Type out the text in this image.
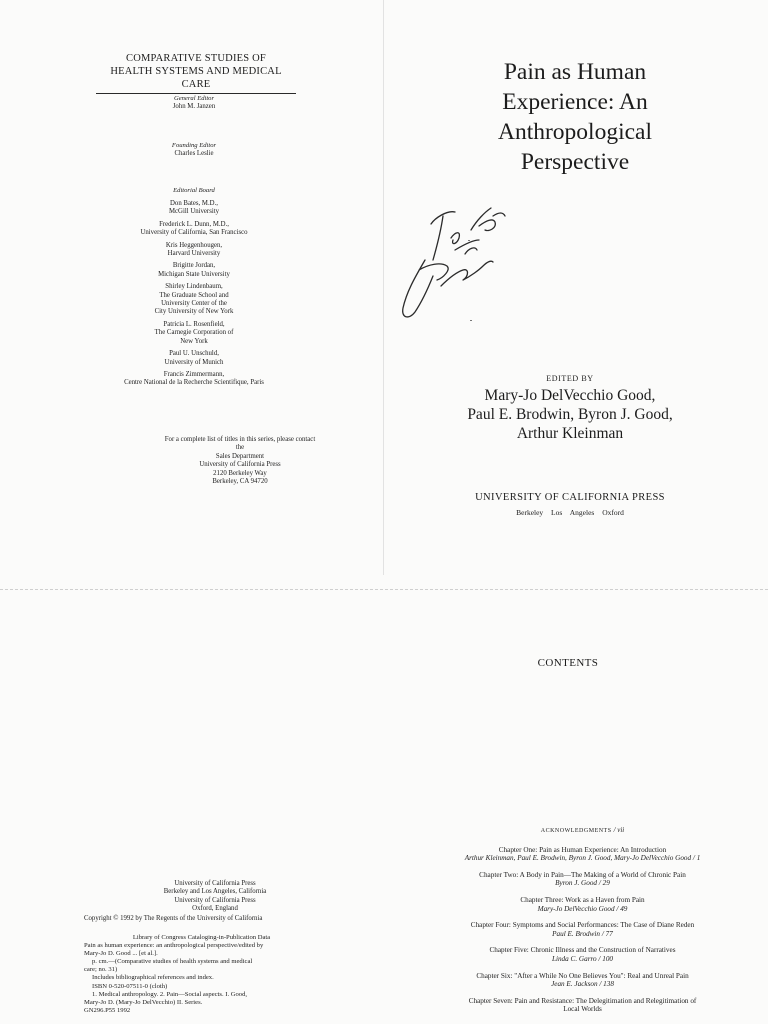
COMPARATIVE STUDIES OF
HEALTH SYSTEMS AND MEDICAL CARE
General Editor
John M. Janzen
Founding Editor
Charles Leslie
Editorial Board
Don Bates, M.D.,
McGill University
Frederick L. Dunn, M.D.,
University of California, San Francisco
Kris Heggenhougen,
Harvard University
Brigitte Jordan,
Michigan State University
Shirley Lindenbaum,
The Graduate School and
University Center of the
City University of New York
Patricia L. Rosenfield,
The Carnegie Corporation of
New York
Paul U. Unschuld,
University of Munich
Francis Zimmermann,
Centre National de la Recherche Scientifique, Paris
For a complete list of titles in this series, please contact the
Sales Department
University of California Press
2120 Berkeley Way
Berkeley, CA 94720
Pain as Human
Experience: An
Anthropological
Perspective
EDITED BY
Mary-Jo DelVecchio Good,
Paul E. Brodwin, Byron J. Good,
Arthur Kleinman
UNIVERSITY OF CALIFORNIA PRESS
Berkeley Los Angeles Oxford
CONTENTS
ACKNOWLEDGMENTS / vii
Chapter One: Pain as Human Experience: An Introduction
Arthur Kleinman, Paul E. Brodwin, Byron J. Good, Mary-Jo DelVecchio Good / 1
Chapter Two: A Body in Pain—The Making of a World of Chronic Pain
Byron J. Good / 29
Chapter Three: Work as a Haven from Pain
Mary-Jo DelVecchio Good / 49
Chapter Four: Symptoms and Social Performances: The Case of Diane Reden
Paul E. Brodwin / 77
Chapter Five: Chronic Illness and the Construction of Narratives
Linda C. Garro / 100
Chapter Six: "After a While No One Believes You": Real and Unreal Pain
Jean E. Jackson / 138
Chapter Seven: Pain and Resistance: The Delegitimation and Relegitimation of
Local Worlds
University of California Press
Berkeley and Los Angeles, California
University of California Press
Oxford, England
Copyright © 1992 by The Regents of the University of California
Library of Congress Cataloging-in-Publication Data
Pain as human experience: an anthropological perspective/edited by
Mary-Jo D. Good ... [et al.].
p. cm.—(Comparative studies of health systems and medical
care; no. 31)
Includes bibliographical references and index.
ISBN 0-520-07511-0 (cloth)
1. Medical anthropology. 2. Pain—Social aspects. I. Good,
Mary-Jo D. (Mary-Jo DelVecchio) II. Series.
GN296.P55 1992
